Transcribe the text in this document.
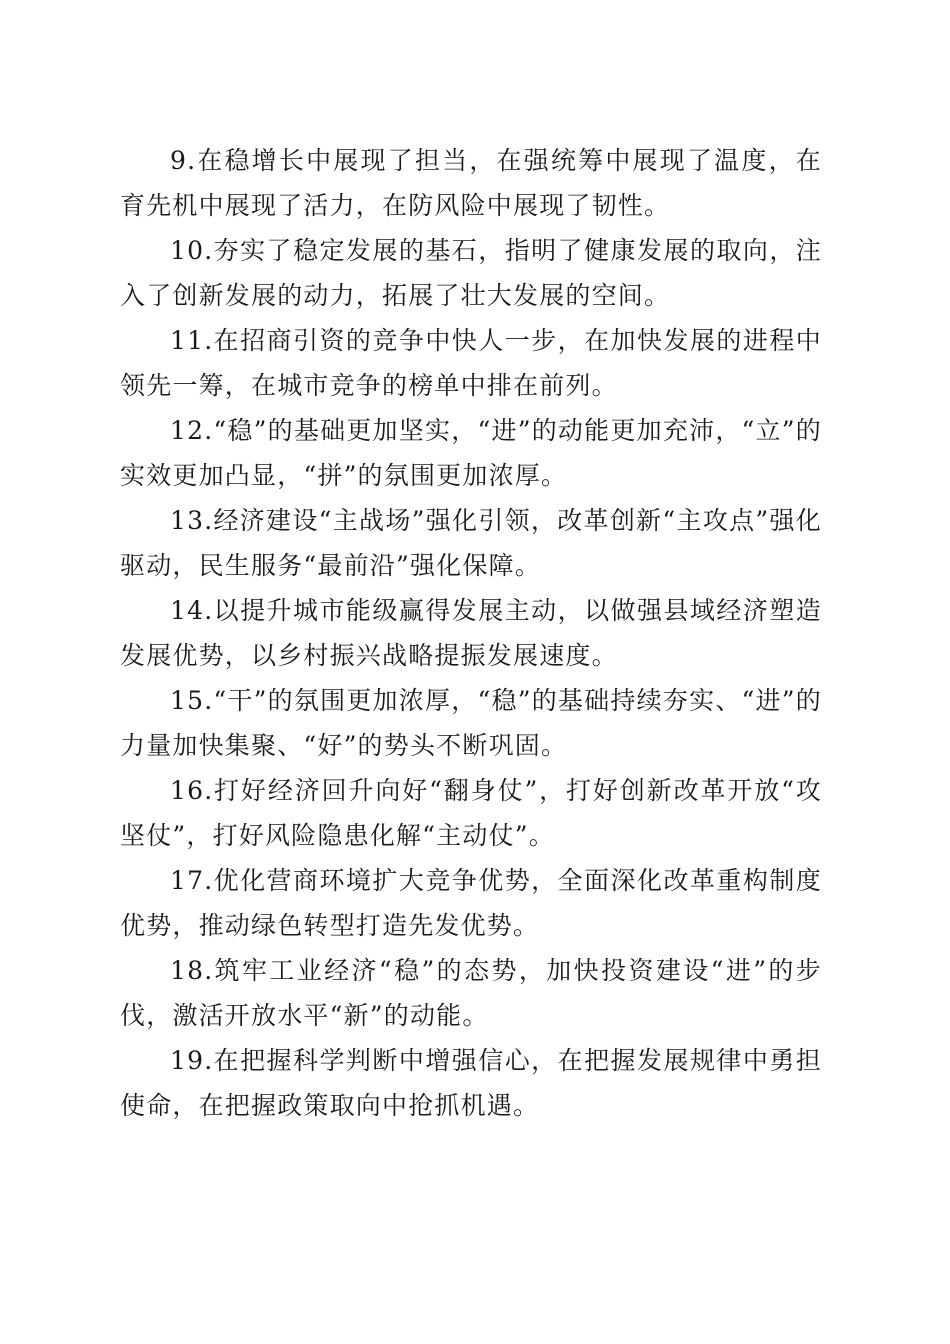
9.在稳增长中展现了担当，在强统筹中展现了温度，在育先机中展现了活力，在防风险中展现了韧性。

10.夯实了稳定发展的基石，指明了健康发展的取向，注入了创新发展的动力，拓展了壮大发展的空间。

11.在招商引资的竞争中快人一步，在加快发展的进程中领先一筹，在城市竞争的榜单中排在前列。

12.“稳”的基础更加坚实，“进”的动能更加充沛，“立”的实效更加凸显，“拼”的氛围更加浓厚。

13.经济建设“主战场”强化引领，改革创新“主攻点”强化驱动，民生服务“最前沿”强化保障。

14.以提升城市能级赢得发展主动，以做强县域经济塑造发展优势，以乡村振兴战略提振发展速度。

15.“干”的氛围更加浓厚，“稳”的基础持续夯实、“进”的力量加快集聚、“好”的势头不断巩固。

16.打好经济回升向好“翻身仗”，打好创新改革开放“攻坚仗”，打好风险隐患化解“主动仗”。

17.优化营商环境扩大竞争优势，全面深化改革重构制度优势，推动绿色转型打造先发优势。

18.筑牢工业经济“稳”的态势，加快投资建设“进”的步伐，激活开放水平“新”的动能。

19.在把握科学判断中增强信心，在把握发展规律中勇担使命，在把握政策取向中抢抓机遇。
